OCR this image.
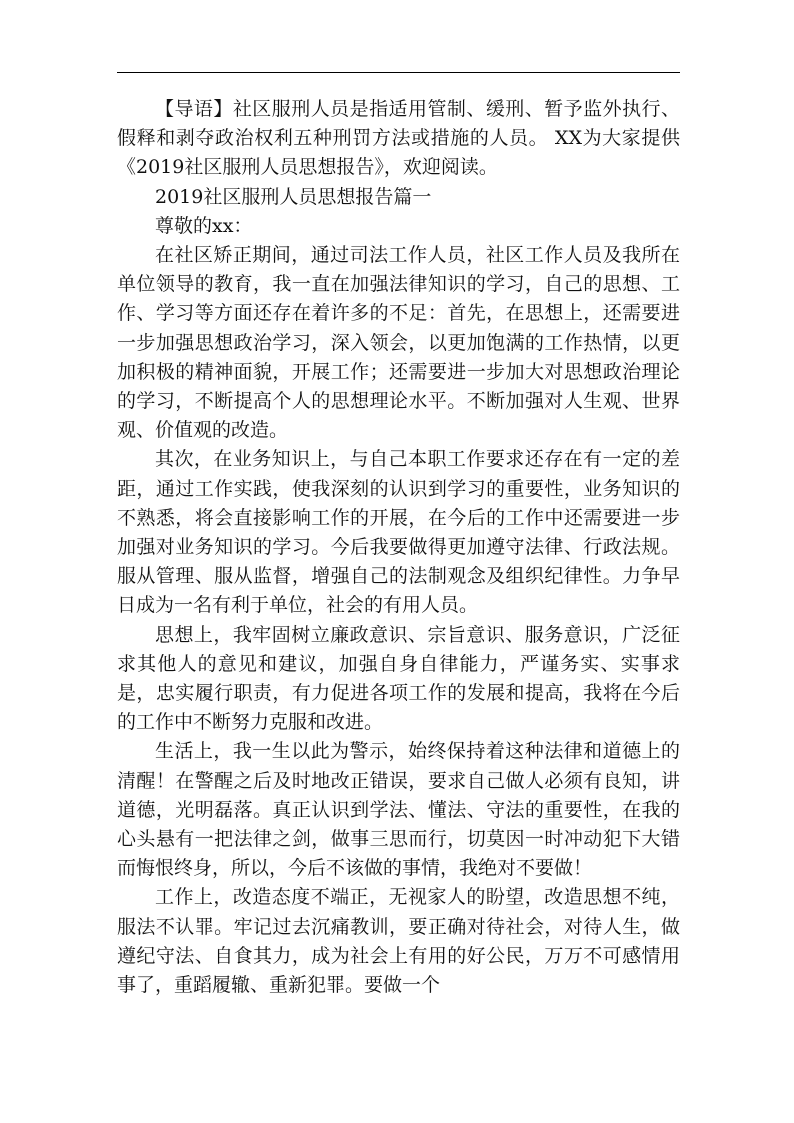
【导语】社区服刑人员是指适用管制、缓刑、暂予监外执行、假释和剥夺政治权利五种刑罚方法或措施的人员。 XX为大家提供《2019社区服刑人员思想报告》，欢迎阅读。

2019社区服刑人员思想报告篇一

尊敬的xx：

在社区矫正期间，通过司法工作人员，社区工作人员及我所在单位领导的教育，我一直在加强法律知识的学习，自己的思想、工作、学习等方面还存在着许多的不足：首先，在思想上，还需要进一步加强思想政治学习，深入领会，以更加饱满的工作热情，以更加积极的精神面貌，开展工作；还需要进一步加大对思想政治理论的学习，不断提高个人的思想理论水平。不断加强对人生观、世界观、价值观的改造。

其次，在业务知识上，与自己本职工作要求还存在有一定的差距，通过工作实践，使我深刻的认识到学习的重要性，业务知识的不熟悉，将会直接影响工作的开展，在今后的工作中还需要进一步加强对业务知识的学习。今后我要做得更加遵守法律、行政法规。服从管理、服从监督，增强自己的法制观念及组织纪律性。力争早日成为一名有利于单位，社会的有用人员。

思想上，我牢固树立廉政意识、宗旨意识、服务意识，广泛征求其他人的意见和建议，加强自身自律能力，严谨务实、实事求是，忠实履行职责，有力促进各项工作的发展和提高，我将在今后的工作中不断努力克服和改进。

生活上，我一生以此为警示，始终保持着这种法律和道德上的清醒！在警醒之后及时地改正错误，要求自己做人必须有良知，讲道德，光明磊落。真正认识到学法、懂法、守法的重要性，在我的心头悬有一把法律之剑，做事三思而行，切莫因一时冲动犯下大错而悔恨终身，所以，今后不该做的事情，我绝对不要做！

工作上，改造态度不端正，无视家人的盼望，改造思想不纯，服法不认罪。牢记过去沉痛教训，要正确对待社会，对待人生，做遵纪守法、自食其力，成为社会上有用的好公民，万万不可感情用事了，重蹈履辙、重新犯罪。要做一个
